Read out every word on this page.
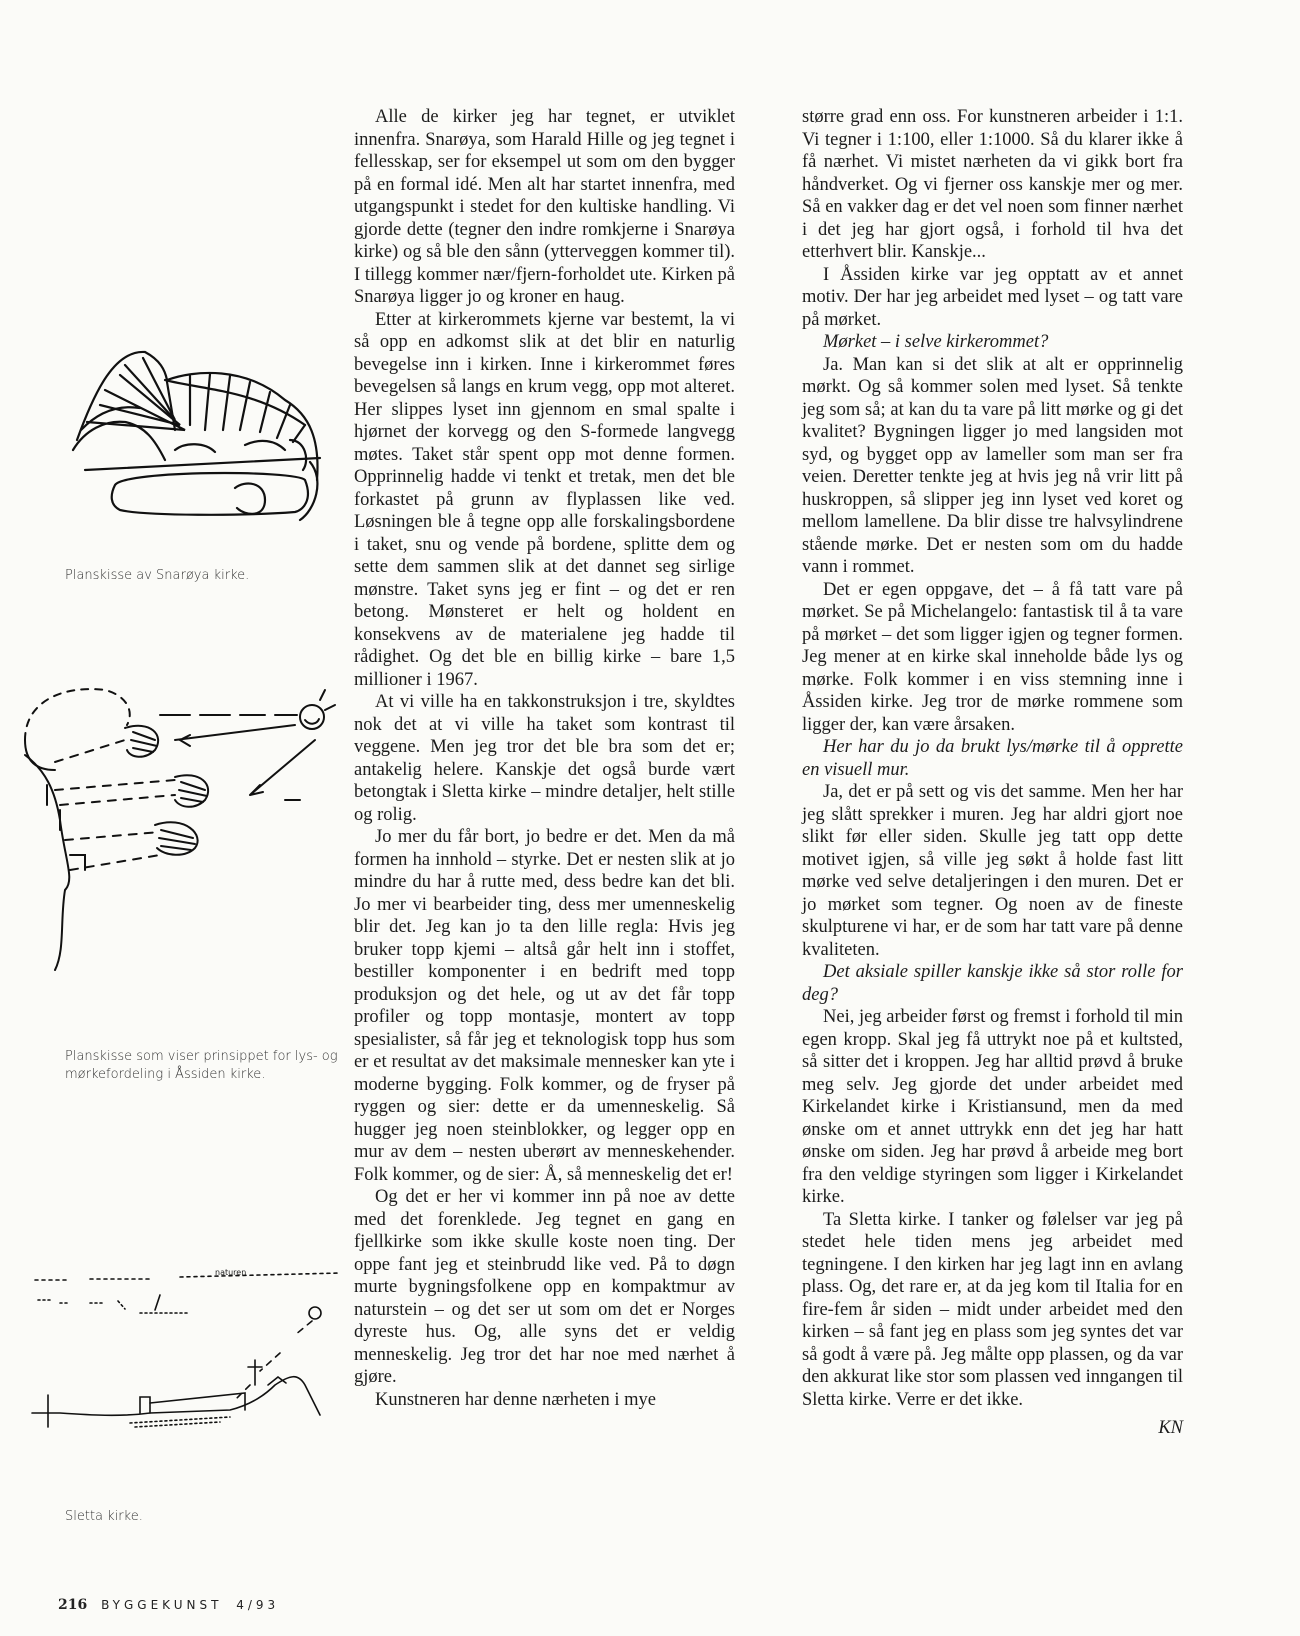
Planskisse av Snarøya kirke.
Planskisse som viser prinsippet for lys- og mørkefordeling i Åssiden kirke.
naturen
Sletta kirke.

Alle de kirker jeg har tegnet, er utviklet innenfra. Snarøya, som Harald Hille og jeg tegnet i fellesskap, ser for eksempel ut som om den bygger på en formal idé. Men alt har startet innenfra, med utgangspunkt i stedet for den kultiske handling. Vi gjorde dette (tegner den indre romkjerne i Snarøya kirke) og så ble den sånn (ytterveggen kommer til). I tillegg kommer nær/fjern-forholdet ute. Kirken på Snarøya ligger jo og kroner en haug.

Etter at kirkerommets kjerne var bestemt, la vi så opp en adkomst slik at det blir en naturlig bevegelse inn i kirken. Inne i kirkerommet føres bevegelsen så langs en krum vegg, opp mot alteret. Her slippes lyset inn gjennom en smal spalte i hjørnet der korvegg og den S-formede langvegg møtes. Taket står spent opp mot denne formen. Opprinnelig hadde vi tenkt et tretak, men det ble forkastet på grunn av flyplassen like ved. Løsningen ble å tegne opp alle forskalingsbordene i taket, snu og vende på bordene, splitte dem og sette dem sammen slik at det dannet seg sirlige mønstre. Taket syns jeg er fint – og det er ren betong. Mønsteret er helt og holdent en konsekvens av de materialene jeg hadde til rådighet. Og det ble en billig kirke – bare 1,5 millioner i 1967.

At vi ville ha en takkonstruksjon i tre, skyldtes nok det at vi ville ha taket som kontrast til veggene. Men jeg tror det ble bra som det er; antakelig helere. Kanskje det også burde vært betongtak i Sletta kirke – mindre detaljer, helt stille og rolig.

Jo mer du får bort, jo bedre er det. Men da må formen ha innhold – styrke. Det er nesten slik at jo mindre du har å rutte med, dess bedre kan det bli. Jo mer vi bearbeider ting, dess mer umenneskelig blir det. Jeg kan jo ta den lille regla: Hvis jeg bruker topp kjemi – altså går helt inn i stoffet, bestiller komponenter i en bedrift med topp produksjon og det hele, og ut av det får topp profiler og topp montasje, montert av topp spesialister, så får jeg et teknologisk topp hus som er et resultat av det maksimale mennesker kan yte i moderne bygging. Folk kommer, og de fryser på ryggen og sier: dette er da umenneskelig. Så hugger jeg noen steinblokker, og legger opp en mur av dem – nesten uberørt av menneskehender. Folk kommer, og de sier: Å, så menneskelig det er!

Og det er her vi kommer inn på noe av dette med det forenklede. Jeg tegnet en gang en fjellkirke som ikke skulle koste noen ting. Der oppe fant jeg et steinbrudd like ved. På to døgn murte bygningsfolkene opp en kompaktmur av naturstein – og det ser ut som om det er Norges dyreste hus. Og, alle syns det er veldig menneskelig. Jeg tror det har noe med nærhet å gjøre.

Kunstneren har denne nærheten i mye

større grad enn oss. For kunstneren arbeider i 1:1. Vi tegner i 1:100, eller 1:1000. Så du klarer ikke å få nærhet. Vi mistet nærheten da vi gikk bort fra håndverket. Og vi fjerner oss kanskje mer og mer. Så en vakker dag er det vel noen som finner nærhet i det jeg har gjort også, i forhold til hva det etterhvert blir. Kanskje...

I Åssiden kirke var jeg opptatt av et annet motiv. Der har jeg arbeidet med lyset – og tatt vare på mørket.

Mørket – i selve kirkerommet?

Ja. Man kan si det slik at alt er opprinnelig mørkt. Og så kommer solen med lyset. Så tenkte jeg som så; at kan du ta vare på litt mørke og gi det kvalitet? Bygningen ligger jo med langsiden mot syd, og bygget opp av lameller som man ser fra veien. Deretter tenkte jeg at hvis jeg nå vrir litt på huskroppen, så slipper jeg inn lyset ved koret og mellom lamellene. Da blir disse tre halvsylindrene stående mørke. Det er nesten som om du hadde vann i rommet.

Det er egen oppgave, det – å få tatt vare på mørket. Se på Michelangelo: fantastisk til å ta vare på mørket – det som ligger igjen og tegner formen. Jeg mener at en kirke skal inneholde både lys og mørke. Folk kommer i en viss stemning inne i Åssiden kirke. Jeg tror de mørke rommene som ligger der, kan være årsaken.

Her har du jo da brukt lys/mørke til å opprette en visuell mur.

Ja, det er på sett og vis det samme. Men her har jeg slått sprekker i muren. Jeg har aldri gjort noe slikt før eller siden. Skulle jeg tatt opp dette motivet igjen, så ville jeg søkt å holde fast litt mørke ved selve detaljeringen i den muren. Det er jo mørket som tegner. Og noen av de fineste skulpturene vi har, er de som har tatt vare på denne kvaliteten.

Det aksiale spiller kanskje ikke så stor rolle for deg?

Nei, jeg arbeider først og fremst i forhold til min egen kropp. Skal jeg få uttrykt noe på et kultsted, så sitter det i kroppen. Jeg har alltid prøvd å bruke meg selv. Jeg gjorde det under arbeidet med Kirkelandet kirke i Kristiansund, men da med ønske om et annet uttrykk enn det jeg har hatt ønske om siden. Jeg har prøvd å arbeide meg bort fra den veldige styringen som ligger i Kirkelandet kirke.

Ta Sletta kirke. I tanker og følelser var jeg på stedet hele tiden mens jeg arbeidet med tegningene. I den kirken har jeg lagt inn en avlang plass. Og, det rare er, at da jeg kom til Italia for en fire-fem år siden – midt under arbeidet med den kirken – så fant jeg en plass som jeg syntes det var så godt å være på. Jeg målte opp plassen, og da var den akkurat like stor som plassen ved inngangen til Sletta kirke. Verre er det ikke.

KN

216 BYGGEKUNST 4/93
